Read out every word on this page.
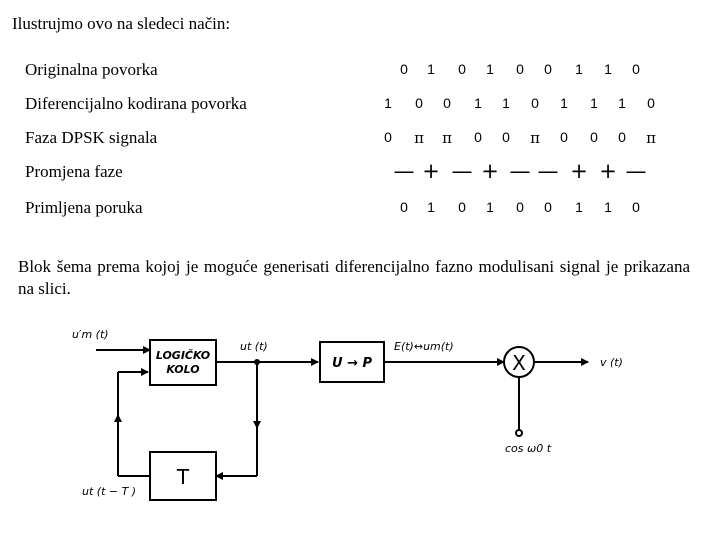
Ilustrujmo ovo na sledeci način:
Originalna povorka	0	1	0	1	0	0	1	1	0
Diferencijalno kodirana povorka	1	0	0	1	1	0	1	1	1	0
Faza DPSK signala	0	π	π	0	0	π	0	0	0	π
Promjena faze	— + — + — — + + —
Primljena poruka	0	1	0	1	0	0	1	1	0
Blok šema prema kojoj je moguće generisati diferencijalno fazno modulisani signal je prikazana na slici.
u′m (t)
LOGIČKO
KOLO
ut (t)
U → P
E(t)↔um(t)
X	v (t)
cos ω0 t
T
ut (t − T )
